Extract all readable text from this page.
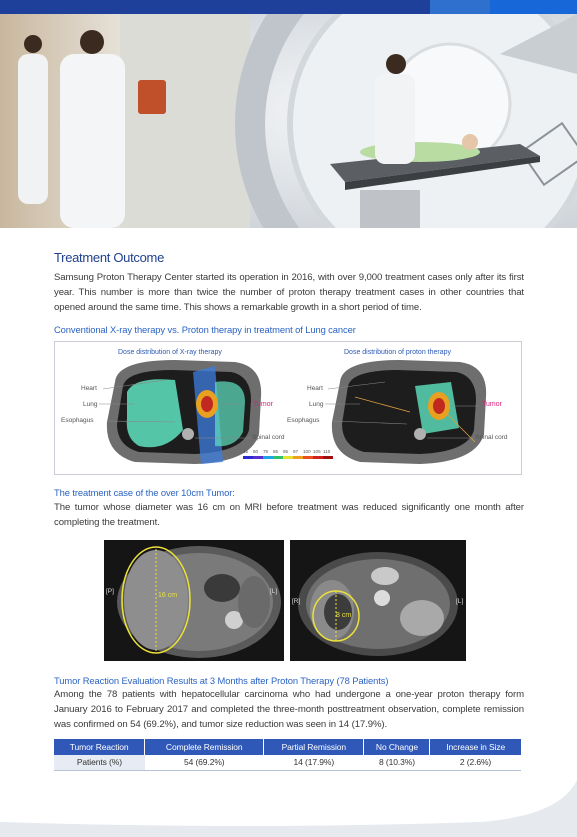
Treatment Outcome

Samsung Proton Therapy Center started its operation in 2016, with over 9,000 treatment cases only after its first year. This number is more than twice the number of proton therapy treatment cases in other countries that opened around the same time. This shows a remarkable growth in a short period of time.

Conventional X-ray therapy vs. Proton therapy in treatment of Lung cancer
Dose distribution of X-ray therapy	Dose distribution of proton therapy
Heart
Lung
Esophagus
Tumor
Spinal cord
Heart
Lung
Esophagus
Tumor
Spinal cord
15	60	75	85	95	97	100 105 110
The treatment case of the over 10cm Tumor:

The tumor whose diameter was 16 cm on MRI before treatment was reduced significantly one month after completing the treatment.

[P]	[L]
16 cm
[R]	[L]
8 cm
Tumor Reaction Evaluation Results at 3 Months after Proton Therapy (78 Patients)

Among the 78 patients with hepatocellular carcinoma who had undergone a one-year proton therapy form January 2016 to February 2017 and completed the three-month posttreatment observation, complete remission was confirmed on 54 (69.2%), and tumor size reduction was seen in 14 (17.9%).

Tumor Reaction	Complete Remission	Partial Remission	No Change	Increase in Size
Patients (%)	54 (69.2%)	14 (17.9%)	8 (10.3%)	2 (2.6%)
